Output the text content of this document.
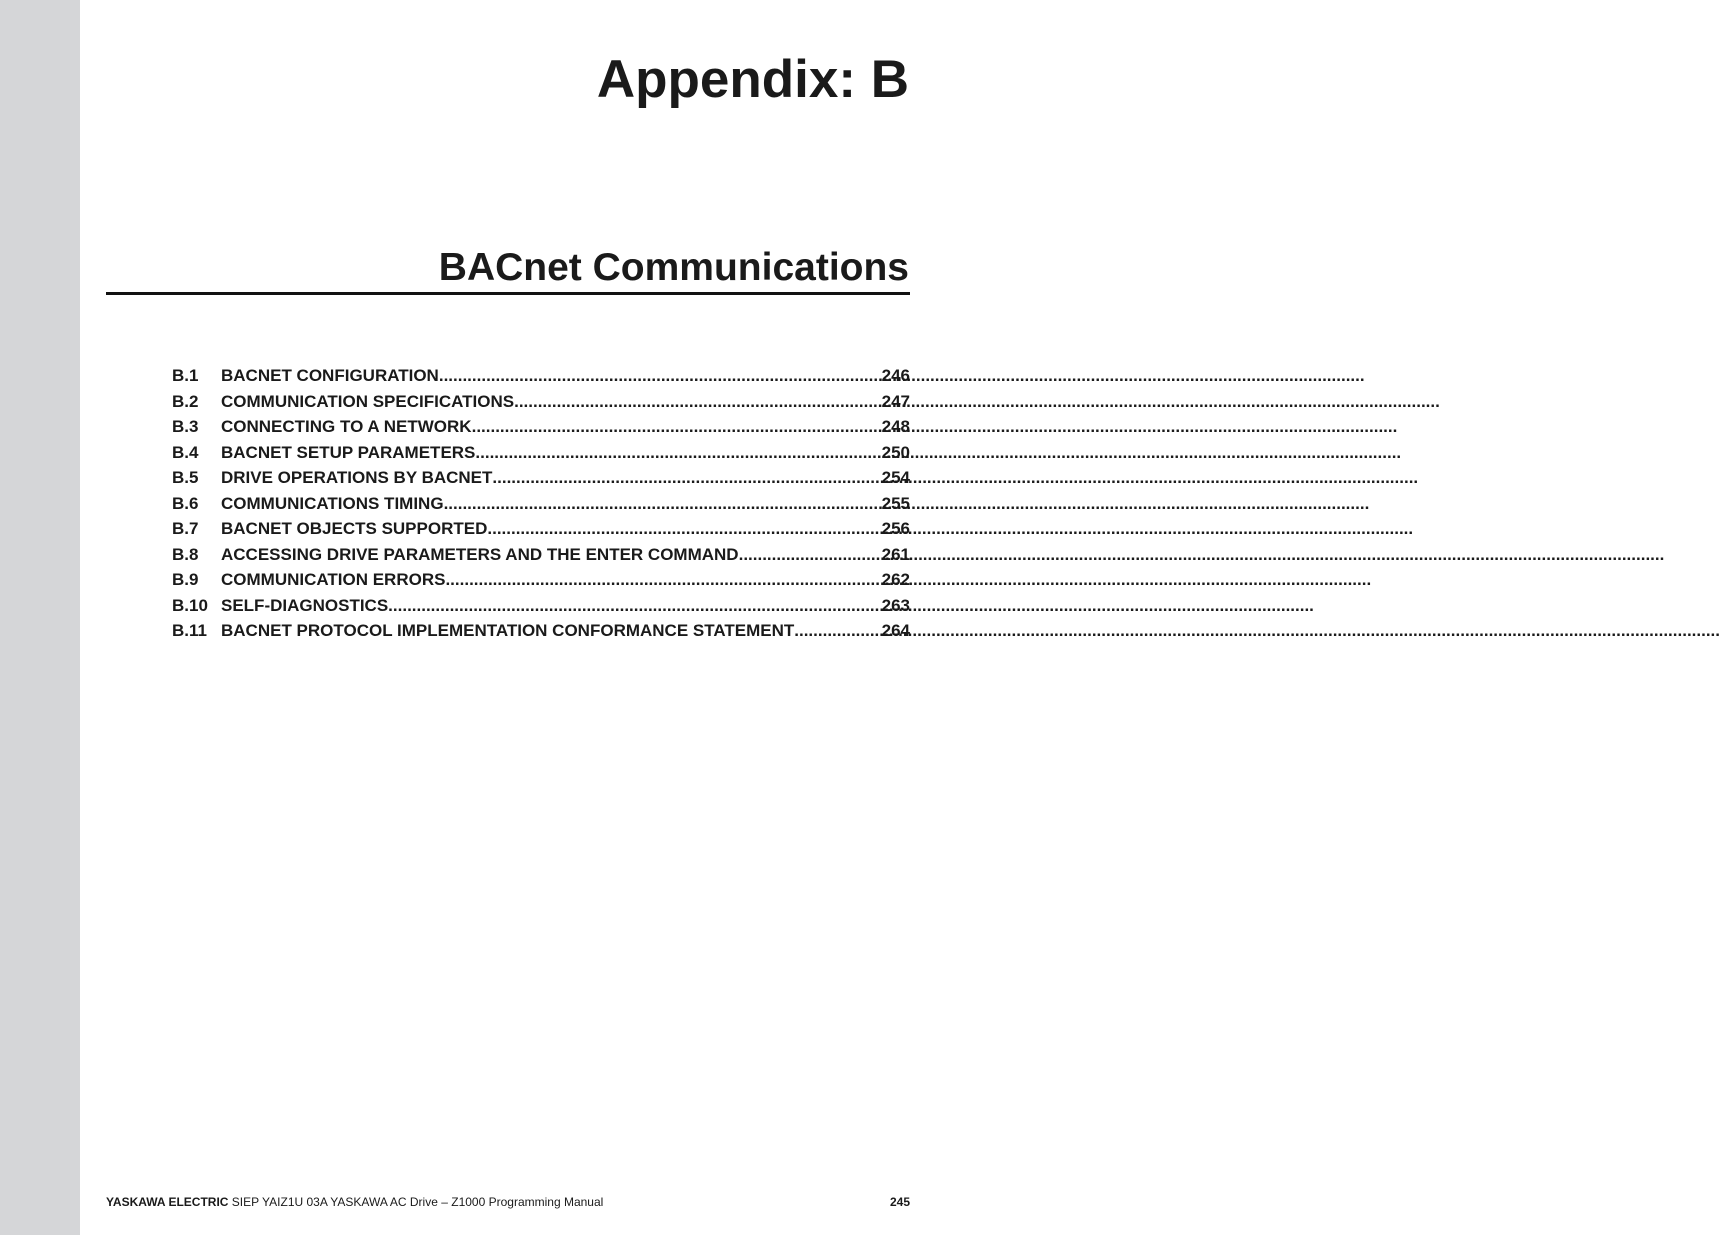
Appendix: B
BACnet Communications
B.1	BACNET CONFIGURATION .....	246
B.2	COMMUNICATION SPECIFICATIONS .....	247
B.3	CONNECTING TO A NETWORK .....	248
B.4	BACNET SETUP PARAMETERS .....	250
B.5	DRIVE OPERATIONS BY BACNET .....	254
B.6	COMMUNICATIONS TIMING .....	255
B.7	BACNET OBJECTS SUPPORTED .....	256
B.8	ACCESSING DRIVE PARAMETERS AND THE ENTER COMMAND .....	261
B.9	COMMUNICATION ERRORS .....	262
B.10 SELF-DIAGNOSTICS .....	263
B.11 BACNET PROTOCOL IMPLEMENTATION CONFORMANCE STATEMENT .....	264
YASKAWA ELECTRIC SIEP YAIZ1U 03A YASKAWA AC Drive – Z1000 Programming Manual	245
